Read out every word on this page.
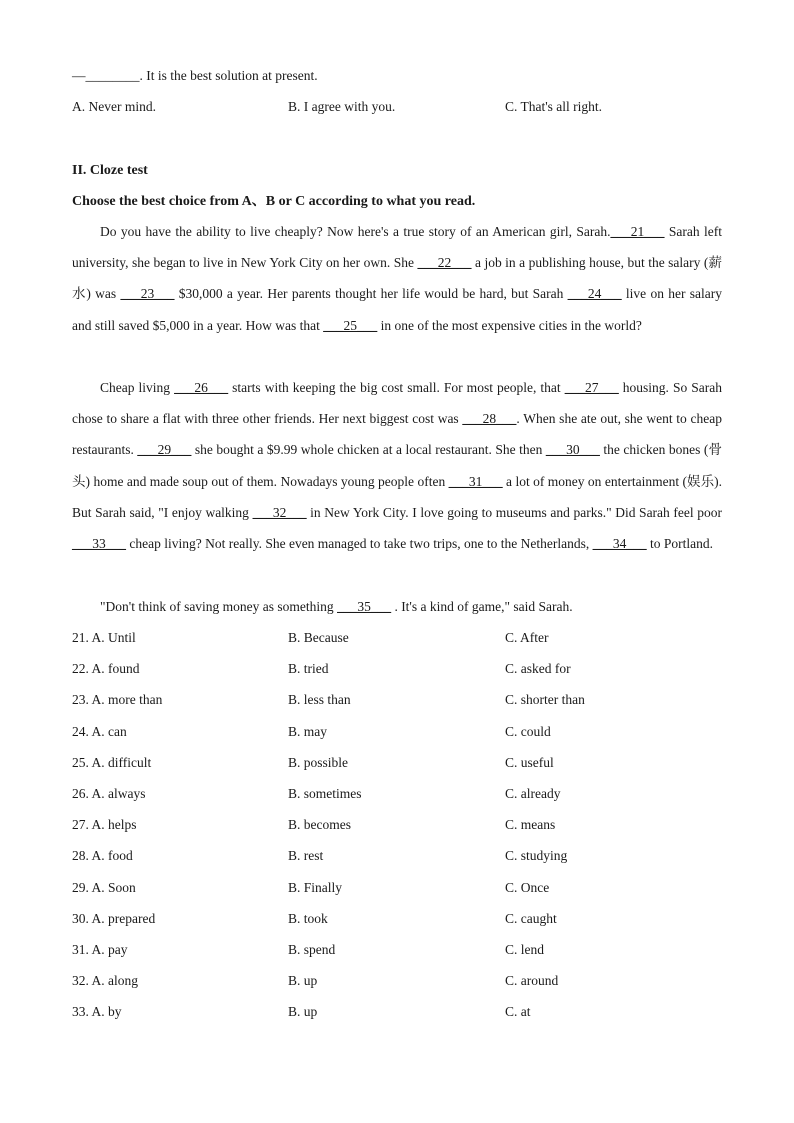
—________. It is the best solution at present.
A. Never mind.	B. I agree with you.	C. That's all right.
II. Cloze test
Choose the best choice from A、B or C according to what you read.
Do you have the ability to live cheaply? Now here's a true story of an American girl, Sarah.___21___ Sarah left university, she began to live in New York City on her own. She ___22___ a job in a publishing house, but the salary (薪水) was ___23___ $30,000 a year. Her parents thought her life would be hard, but Sarah ___24___ live on her salary and still saved $5,000 in a year. How was that ___25___ in one of the most expensive cities in the world?
Cheap living ___26___ starts with keeping the big cost small. For most people, that ___27___ housing. So Sarah chose to share a flat with three other friends. Her next biggest cost was ___28___. When she ate out, she went to cheap restaurants. ___29___ she bought a $9.99 whole chicken at a local restaurant. She then ___30___ the chicken bones (骨头) home and made soup out of them. Nowadays young people often ___31___ a lot of money on entertainment (娱乐). But Sarah said, "I enjoy walking ___32___ in New York City. I love going to museums and parks." Did Sarah feel poor ___33___ cheap living? Not really. She even managed to take two trips, one to the Netherlands, ___34___ to Portland.
"Don't think of saving money as something ___35___ . It's a kind of game," said Sarah.
21. A. Until	B. Because	C. After
22. A. found	B. tried	C. asked for
23. A. more than	B. less than	C. shorter than
24. A. can	B. may	C. could
25. A. difficult	B. possible	C. useful
26. A. always	B. sometimes	C. already
27. A. helps	B. becomes	C. means
28. A. food	B. rest	C. studying
29. A. Soon	B. Finally	C. Once
30. A. prepared	B. took	C. caught
31. A. pay	B. spend	C. lend
32. A. along	B. up	C. around
33. A. by	B. up	C. at
